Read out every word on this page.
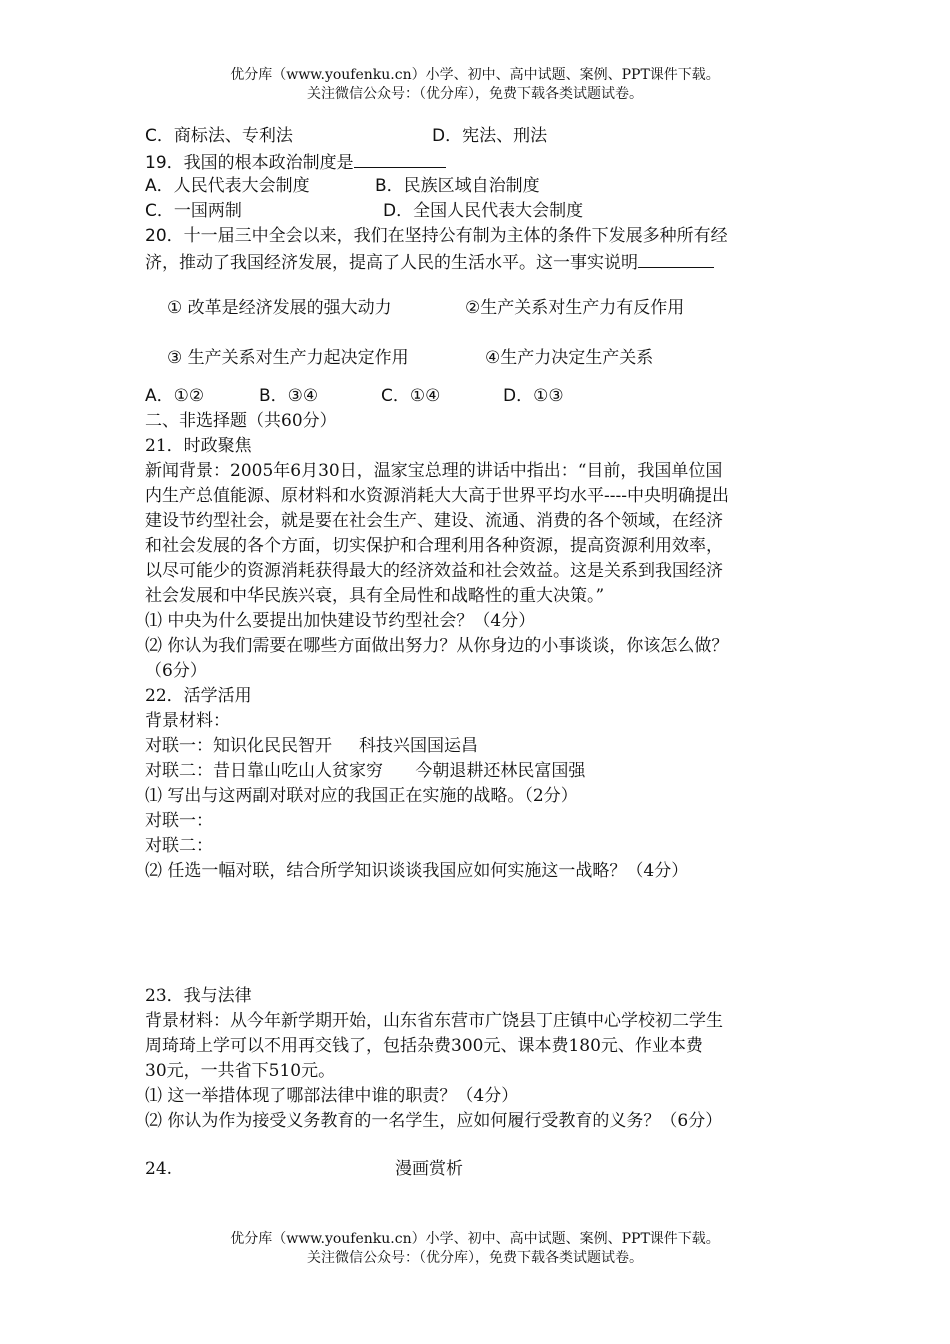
优分库（www.youfenku.cn）小学、初中、高中试题、案例、PPT课件下载。
关注微信公众号：（优分库），免费下载各类试题试卷。
C．商标法、专利法	D．宪法、刑法
19．我国的根本政治制度是
A．人民代表大会制度	B．民族区域自治制度
C．一国两制	D．全国人民代表大会制度
20．十一届三中全会以来，我们在坚持公有制为主体的条件下发展多种所有经
济，推动了我国经济发展，提高了人民的生活水平。这一事实说明
① 改革是经济发展的强大动力	②生产关系对生产力有反作用
③ 生产关系对生产力起决定作用	④生产力决定生产关系
A．①②	B．③④	C．①④	D．①③
二、非选择题（共60分）
21．时政聚焦
新闻背景：2005年6月30日，温家宝总理的讲话中指出：“目前，我国单位国
内生产总值能源、原材料和水资源消耗大大高于世界平均水平----中央明确提出
建设节约型社会，就是要在社会生产、建设、流通、消费的各个领域，在经济
和社会发展的各个方面，切实保护和合理利用各种资源，提高资源利用效率，
以尽可能少的资源消耗获得最大的经济效益和社会效益。这是关系到我国经济
社会发展和中华民族兴衰，具有全局性和战略性的重大决策。”
⑴ 中央为什么要提出加快建设节约型社会？（4分）
⑵ 你认为我们需要在哪些方面做出努力？从你身边的小事谈谈，你该怎么做？
（6分）
22．活学活用
背景材料：
对联一：知识化民民智开     科技兴国国运昌
对联二：昔日靠山吃山人贫家穷      今朝退耕还林民富国强
⑴ 写出与这两副对联对应的我国正在实施的战略。（2分）
对联一：
对联二：
⑵ 任选一幅对联，结合所学知识谈谈我国应如何实施这一战略？（4分）
23．我与法律
背景材料：从今年新学期开始，山东省东营市广饶县丁庄镇中心学校初二学生
周琦琦上学可以不用再交钱了，包括杂费300元、课本费180元、作业本费
30元，一共省下510元。
⑴ 这一举措体现了哪部法律中谁的职责？（4分）
⑵ 你认为作为接受义务教育的一名学生，应如何履行受教育的义务？（6分）
24.	漫画赏析
优分库（www.youfenku.cn）小学、初中、高中试题、案例、PPT课件下载。
关注微信公众号：（优分库），免费下载各类试题试卷。
